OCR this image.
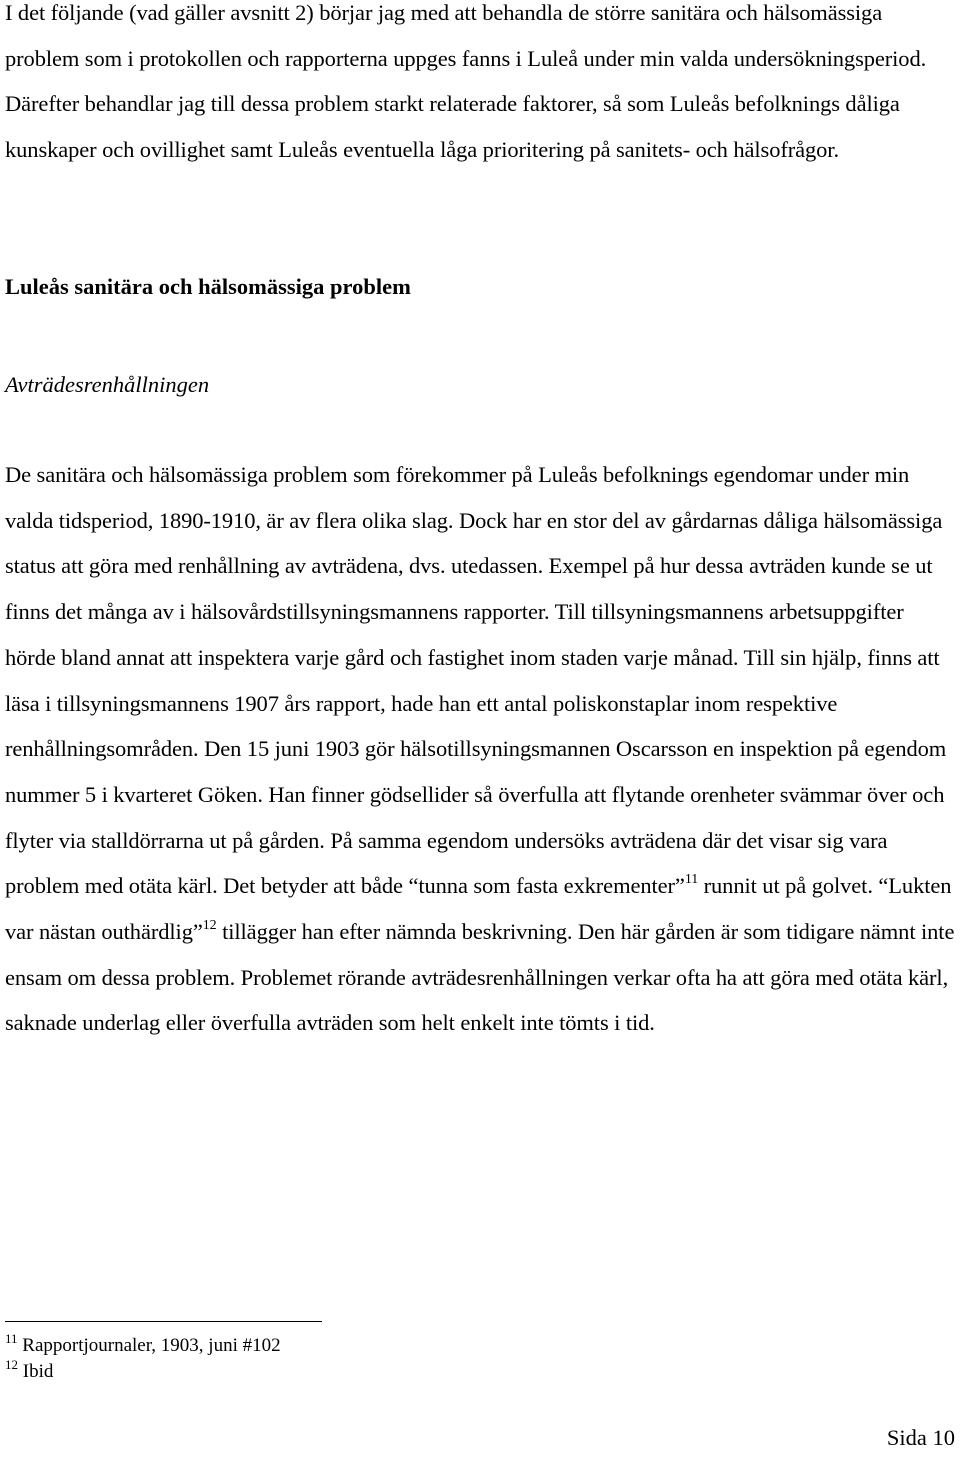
I det följande (vad gäller avsnitt 2) börjar jag med att behandla de större sanitära och hälsomässiga problem som i protokollen och rapporterna uppges fanns i Luleå under min valda undersökningsperiod. Därefter behandlar jag till dessa problem starkt relaterade faktorer, så som Luleås befolknings dåliga kunskaper och ovillighet samt Luleås eventuella låga prioritering på sanitets- och hälsofrågor.

Luleås sanitära och hälsomässiga problem
Avträdesrenhållningen

De sanitära och hälsomässiga problem som förekommer på Luleås befolknings egendomar under min valda tidsperiod, 1890-1910, är av flera olika slag. Dock har en stor del av gårdarnas dåliga hälsomässiga status att göra med renhållning av avträdena, dvs. utedassen. Exempel på hur dessa avträden kunde se ut finns det många av i hälsovårdstillsyningsmannens rapporter. Till tillsyningsmannens arbetsuppgifter hörde bland annat att inspektera varje gård och fastighet inom staden varje månad. Till sin hjälp, finns att läsa i tillsyningsmannens 1907 års rapport, hade han ett antal poliskonstaplar inom respektive renhållningsområden. Den 15 juni 1903 gör hälsotillsyningsmannen Oscarsson en inspektion på egendom nummer 5 i kvarteret Göken. Han finner gödsellider så överfulla att flytande orenheter svämmar över och flyter via stalldörrarna ut på gården. På samma egendom undersöks avträdena där det visar sig vara problem med otäta kärl. Det betyder att både “tunna som fasta exkrementer”$^{11}$ runnit ut på golvet. “Lukten var nästan outhärdlig”$^{12}$ tillägger han efter nämnda beskrivning. Den här gården är som tidigare nämnt inte ensam om dessa problem. Problemet rörande avträdesrenhållningen verkar ofta ha att göra med otäta kärl, saknade underlag eller överfulla avträden som helt enkelt inte tömts i tid.

$^{11}$ Rapportjournaler, 1903, juni #102
$^{12}$ Ibid
Sida 10
